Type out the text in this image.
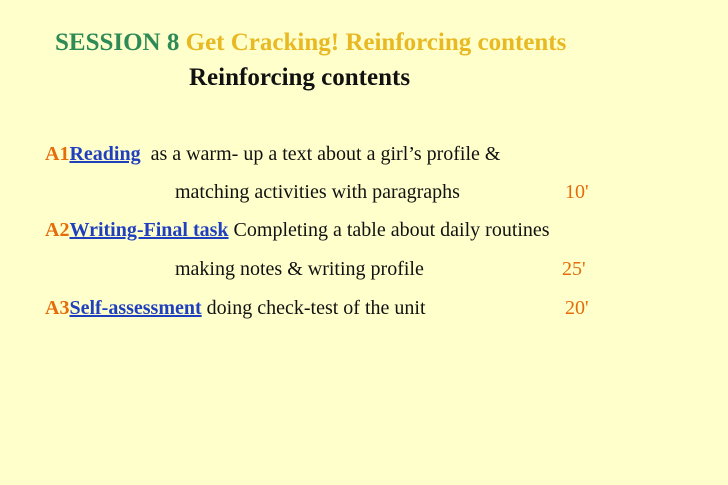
SESSION 8 Get Cracking! Reinforcing contents
Reinforcing contents
A1Reading as a warm- up a text about a girl’s profile &
matching activities with paragraphs	10'
A2Writing-Final task Completing a table about daily routines
making notes & writing profile	25'
A3Self-assessment doing check-test of the unit	20'
